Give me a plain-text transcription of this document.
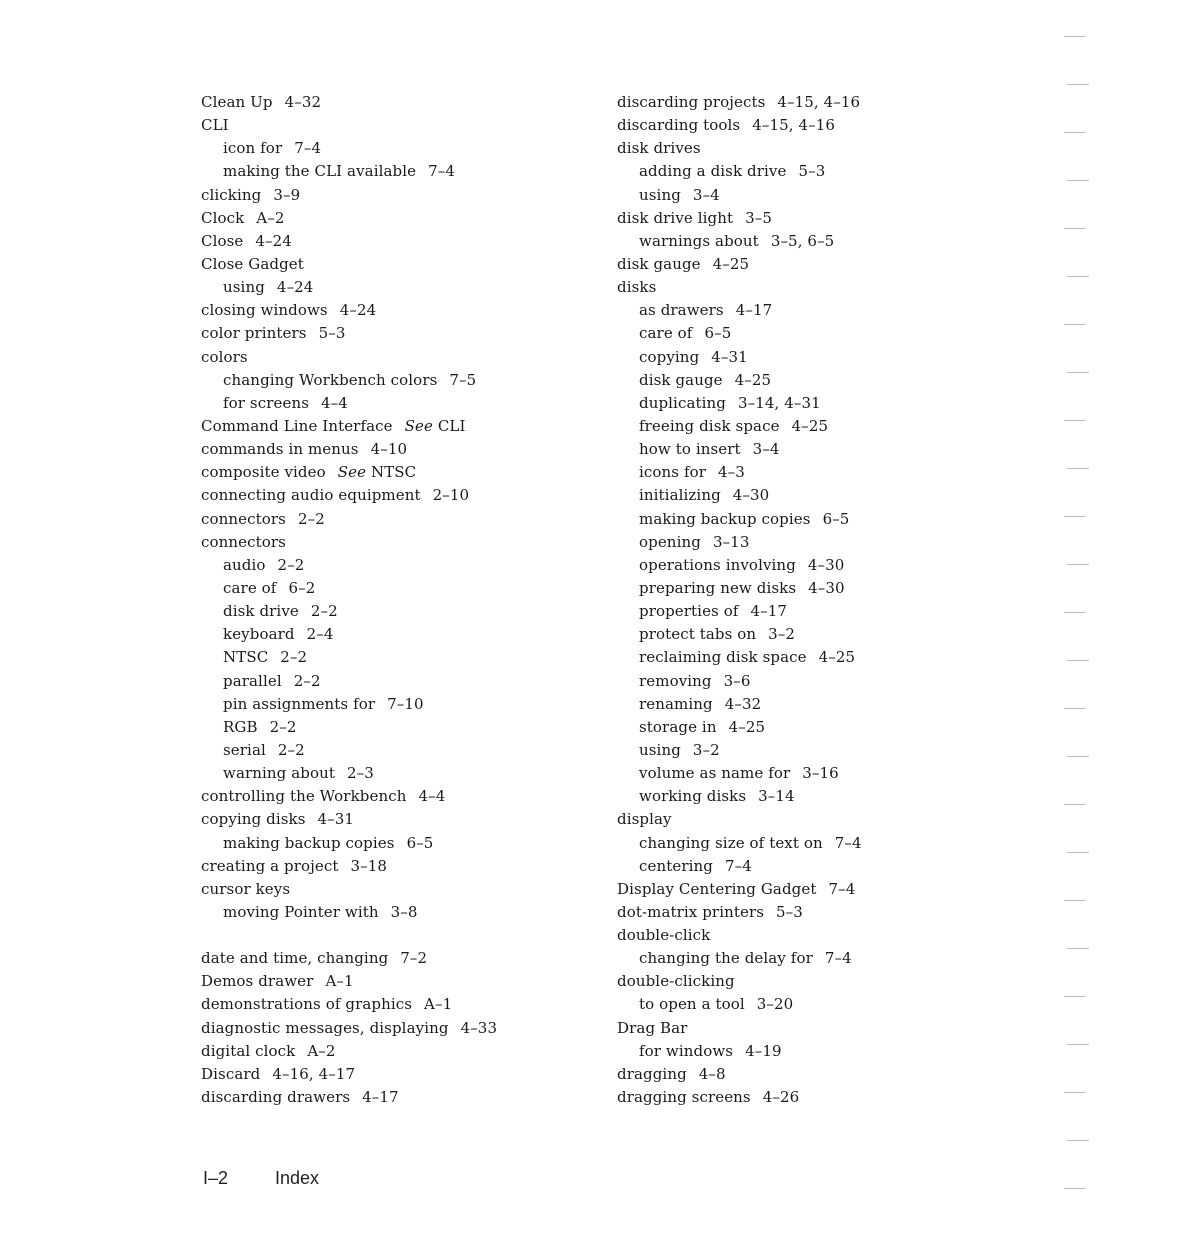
Clean Up 4–32
CLI
icon for 7–4
making the CLI available 7–4
clicking 3–9
Clock A–2
Close 4–24
Close Gadget
using 4–24
closing windows 4–24
color printers 5–3
colors
changing Workbench colors 7–5
for screens 4–4
Command Line Interface See CLI
commands in menus 4–10
composite video See NTSC
connecting audio equipment 2–10
connectors 2–2
connectors
audio 2–2
care of 6–2
disk drive 2–2
keyboard 2–4
NTSC 2–2
parallel 2–2
pin assignments for 7–10
RGB 2–2
serial 2–2
warning about 2–3
controlling the Workbench 4–4
copying disks 4–31
making backup copies 6–5
creating a project 3–18
cursor keys
moving Pointer with 3–8
date and time, changing 7–2
Demos drawer A–1
demonstrations of graphics A–1
diagnostic messages, displaying 4–33
digital clock A–2
Discard 4–16, 4–17
discarding drawers 4–17
discarding projects 4–15, 4–16
discarding tools 4–15, 4–16
disk drives
adding a disk drive 5–3
using 3–4
disk drive light 3–5
warnings about 3–5, 6–5
disk gauge 4–25
disks
as drawers 4–17
care of 6–5
copying 4–31
disk gauge 4–25
duplicating 3–14, 4–31
freeing disk space 4–25
how to insert 3–4
icons for 4–3
initializing 4–30
making backup copies 6–5
opening 3–13
operations involving 4–30
preparing new disks 4–30
properties of 4–17
protect tabs on 3–2
reclaiming disk space 4–25
removing 3–6
renaming 4–32
storage in 4–25
using 3–2
volume as name for 3–16
working disks 3–14
display
changing size of text on 7–4
centering 7–4
Display Centering Gadget 7–4
dot-matrix printers 5–3
double-click
changing the delay for 7–4
double-clicking
to open a tool 3–20
Drag Bar
for windows 4–19
dragging 4–8
dragging screens 4–26
I–2	Index
